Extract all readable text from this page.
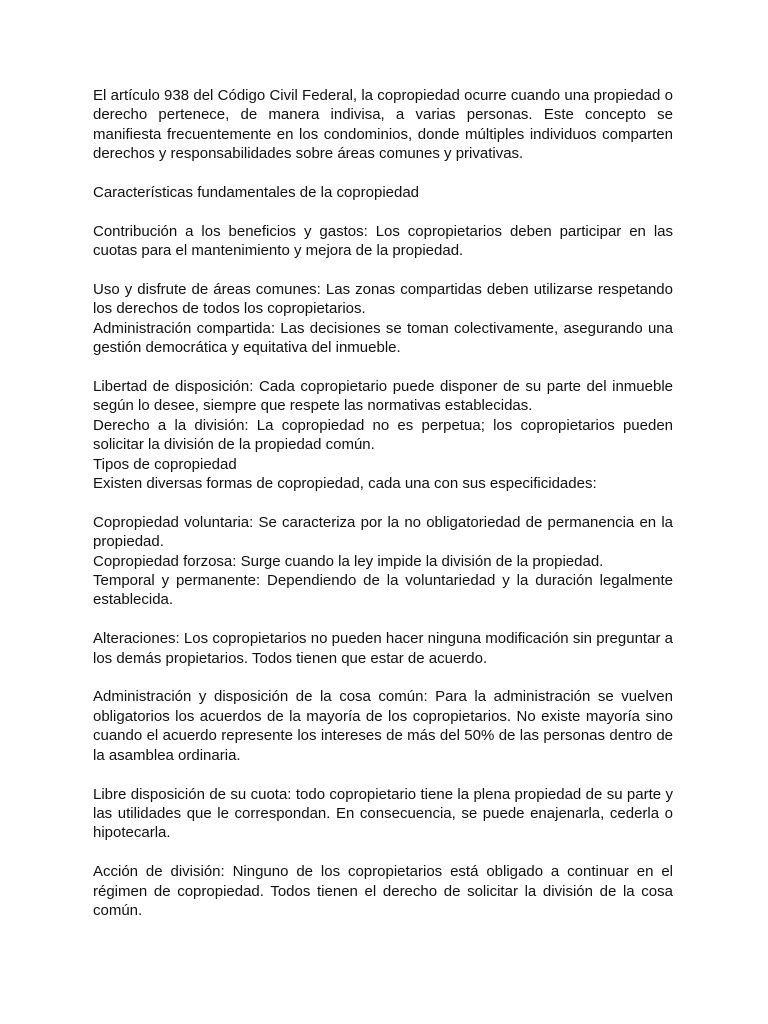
El artículo 938 del Código Civil Federal, la copropiedad ocurre cuando una propiedad o derecho pertenece, de manera indivisa, a varias personas. Este concepto se manifiesta frecuentemente en los condominios, donde múltiples individuos comparten derechos y responsabilidades sobre áreas comunes y privativas.

Características fundamentales de la copropiedad

Contribución a los beneficios y gastos: Los copropietarios deben participar en las cuotas para el mantenimiento y mejora de la propiedad.

Uso y disfrute de áreas comunes: Las zonas compartidas deben utilizarse respetando los derechos de todos los copropietarios.

Administración compartida: Las decisiones se toman colectivamente, asegurando una gestión democrática y equitativa del inmueble.

Libertad de disposición: Cada copropietario puede disponer de su parte del inmueble según lo desee, siempre que respete las normativas establecidas.

Derecho a la división: La copropiedad no es perpetua; los copropietarios pueden solicitar la división de la propiedad común.

Tipos de copropiedad

Existen diversas formas de copropiedad, cada una con sus especificidades:

Copropiedad voluntaria: Se caracteriza por la no obligatoriedad de permanencia en la propiedad.

Copropiedad forzosa: Surge cuando la ley impide la división de la propiedad.

Temporal y permanente: Dependiendo de la voluntariedad y la duración legalmente establecida.

Alteraciones: Los copropietarios no pueden hacer ninguna modificación sin preguntar a los demás propietarios. Todos tienen que estar de acuerdo.

Administración y disposición de la cosa común: Para la administración se vuelven obligatorios los acuerdos de la mayoría de los copropietarios. No existe mayoría sino cuando el acuerdo represente los intereses de más del 50% de las personas dentro de la asamblea ordinaria.

Libre disposición de su cuota: todo copropietario tiene la plena propiedad de su parte y las utilidades que le correspondan. En consecuencia, se puede enajenarla, cederla o hipotecarla.

Acción de división: Ninguno de los copropietarios está obligado a continuar en el régimen de copropiedad. Todos tienen el derecho de solicitar la división de la cosa común.
